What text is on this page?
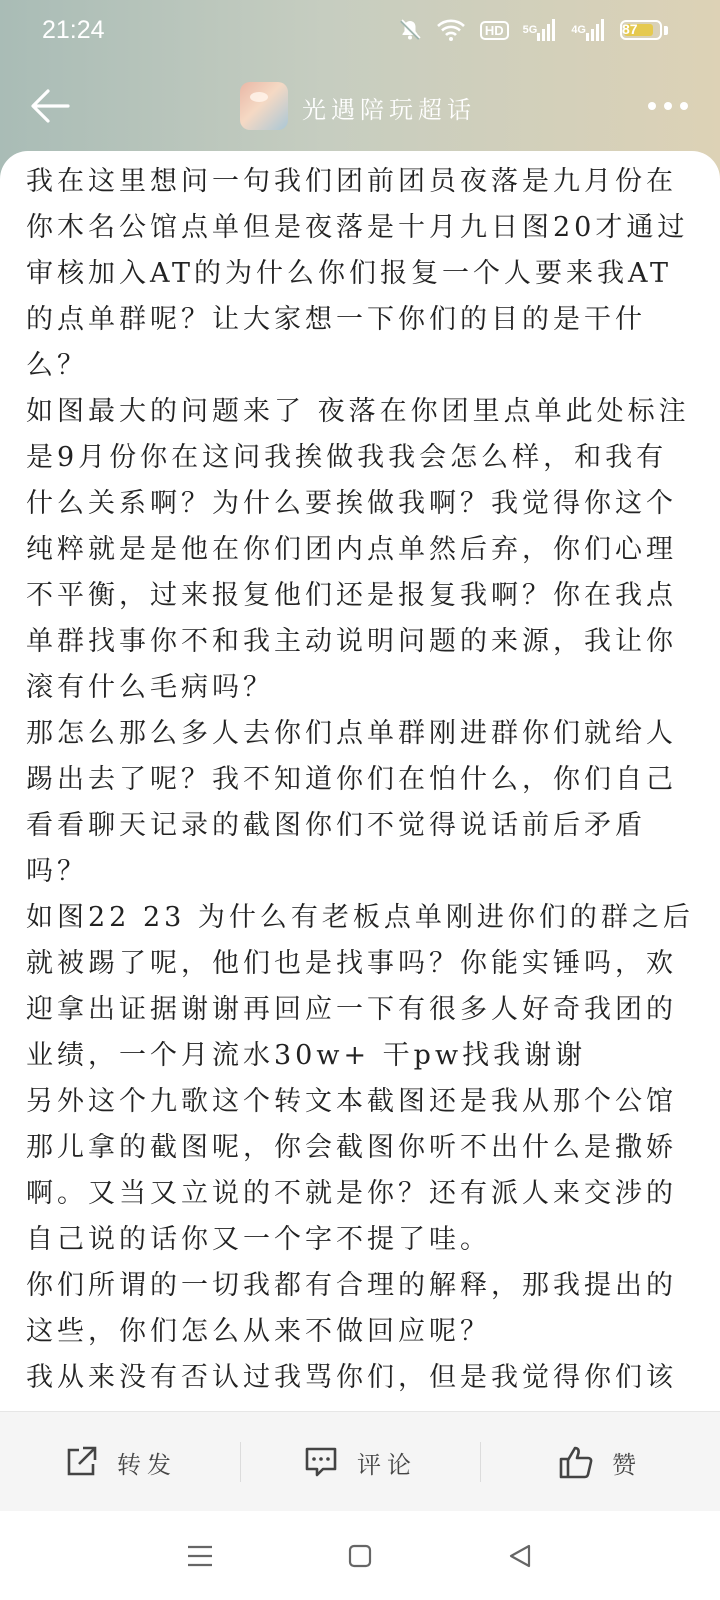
21:24	HD	5G	4G	87
光遇陪玩超话

我在这里想问一句我们团前团员夜落是九月份在你木名公馆点单但是夜落是十月九日图20才通过审核加入AT的为什么你们报复一个人要来我AT的点单群呢？让大家想一下你们的目的是干什么？

如图最大的问题来了 夜落在你团里点单此处标注是9月份你在这问我挨做我我会怎么样，和我有什么关系啊？为什么要挨做我啊？我觉得你这个纯粹就是是他在你们团内点单然后弃，你们心理不平衡，过来报复他们还是报复我啊？你在我点单群找事你不和我主动说明问题的来源，我让你滚有什么毛病吗？

那怎么那么多人去你们点单群刚进群你们就给人踢出去了呢？我不知道你们在怕什么，你们自己看看聊天记录的截图你们不觉得说话前后矛盾吗？

如图22 23 为什么有老板点单刚进你们的群之后就被踢了呢，他们也是找事吗？你能实锤吗，欢迎拿出证据谢谢再回应一下有很多人好奇我团的业绩，一个月流水30w+ 干pw找我谢谢

另外这个九歌这个转文本截图还是我从那个公馆那儿拿的截图呢，你会截图你听不出什么是撒娇啊。又当又立说的不就是你？还有派人来交涉的自己说的话你又一个字不提了哇。

你们所谓的一切我都有合理的解释，那我提出的这些，你们怎么从来不做回应呢？

我从来没有否认过我骂你们，但是我觉得你们该

转发	评论	赞
